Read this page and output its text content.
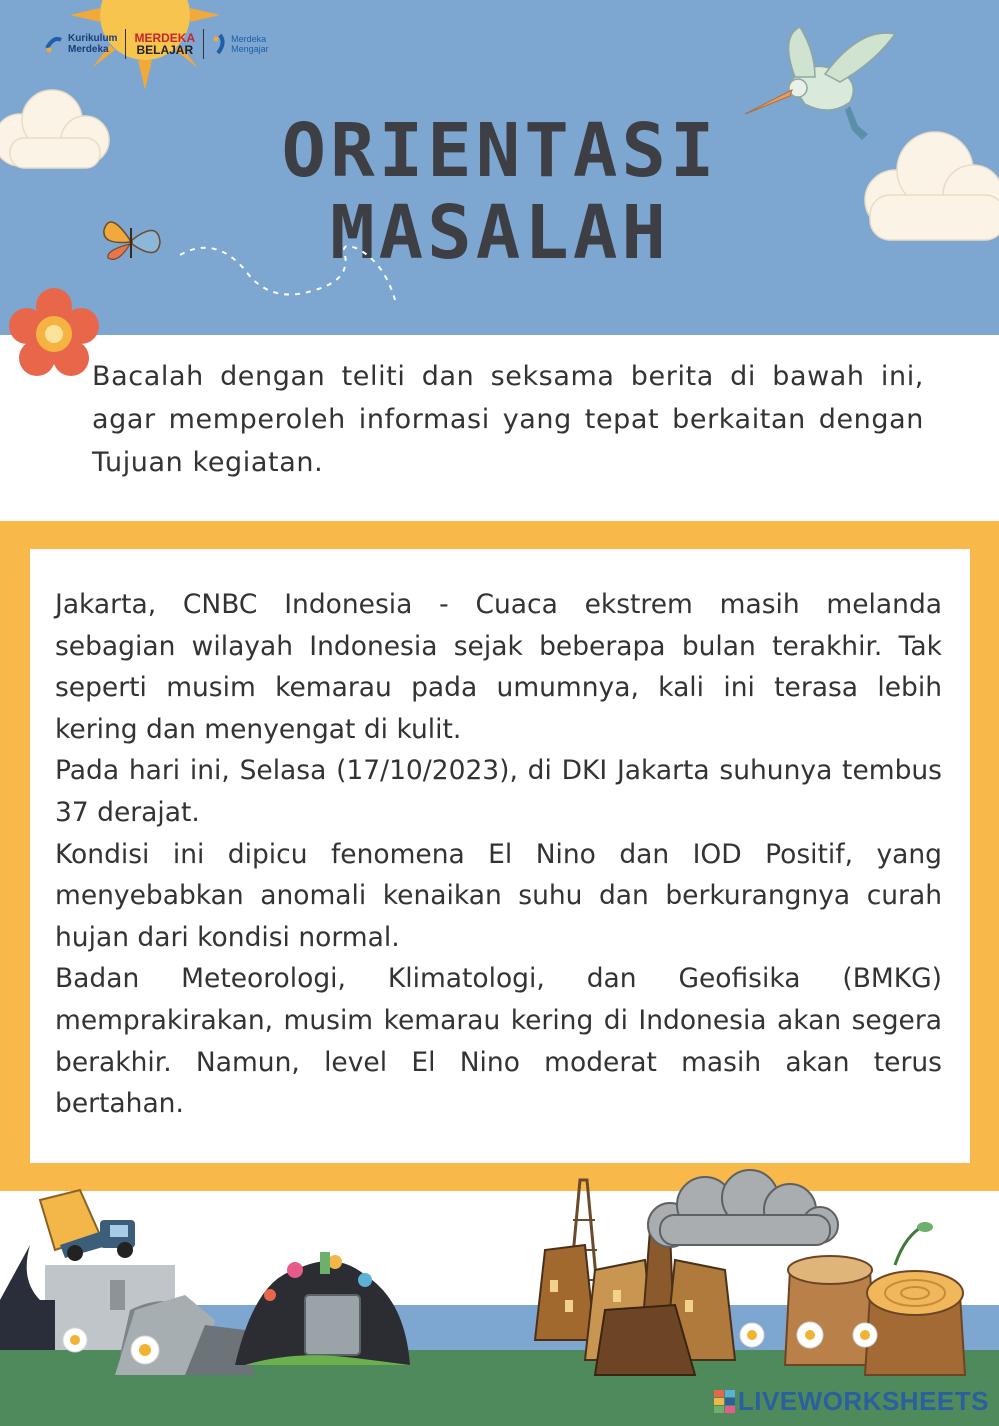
Kurikulum
Merdeka
MERDEKA
BELAJAR
Merdeka
Mengajar
ORIENTASI
MASALAH
Bacalah dengan teliti dan seksama berita di bawah ini, agar memperoleh informasi yang tepat berkaitan dengan Tujuan kegiatan.

Jakarta, CNBC Indonesia - Cuaca ekstrem masih melanda sebagian wilayah Indonesia sejak beberapa bulan terakhir. Tak seperti musim kemarau pada umumnya, kali ini terasa lebih kering dan menyengat di kulit.

Pada hari ini, Selasa (17/10/2023), di DKI Jakarta suhunya tembus 37 derajat.

Kondisi ini dipicu fenomena El Nino dan IOD Positif, yang menyebabkan anomali kenaikan suhu dan berkurangnya curah hujan dari kondisi normal.

Badan Meteorologi, Klimatologi, dan Geofisika (BMKG) memprakirakan, musim kemarau kering di Indonesia akan segera berakhir. Namun, level El Nino moderat masih akan terus bertahan.

LIVEWORKSHEETS
